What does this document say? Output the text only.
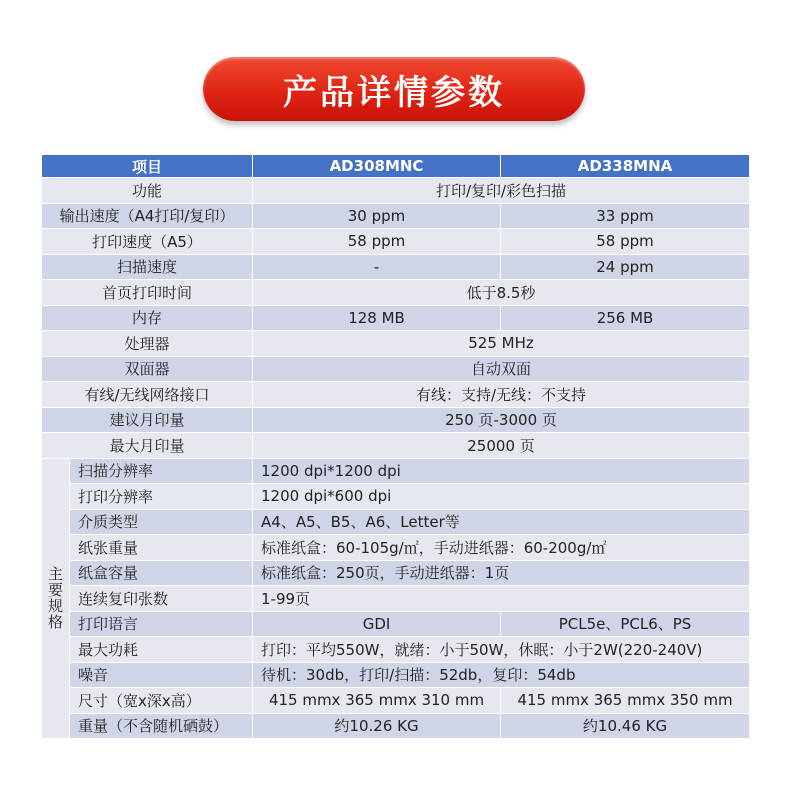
产品详情参数
项目		AD308MNC	AD338MNA
功能		打印/复印/彩色扫描	
输出速度（A4打印/复印）		30 ppm	33 ppm
打印速度（A5）		58 ppm	58 ppm
扫描速度		-	24 ppm
首页打印时间		低于8.5秒	
内存		128 MB	256 MB
处理器		525 MHz	
双面器		自动双面	
有线/无线网络接口		有线：支持/无线：不支持	
建议月印量		250 页-3000 页	
最大月印量		25000 页	

主要规格	扫描分辨率	1200 dpi*1200 dpi	
	打印分辨率	1200 dpi*600 dpi	
	介质类型	A4、A5、B5、A6、Letter等	
	纸张重量	标准纸盒：60-105g/㎡，手动进纸器：60-200g/㎡	
	纸盒容量	标准纸盒：250页，手动进纸器：1页	
	连续复印张数	1-99页	
	打印语言	GDI	PCL5e、PCL6、PS
	最大功耗	打印：平均550W，就绪：小于50W，休眠：小于2W(220-240V)	
	噪音	待机：30db，打印/扫描：52db，复印：54db	
	尺寸（宽x深x高）	415 mmx 365 mmx 310 mm	415 mmx 365 mmx 350 mm
	重量（不含随机硒鼓）	约10.26 KG	约10.46 KG
